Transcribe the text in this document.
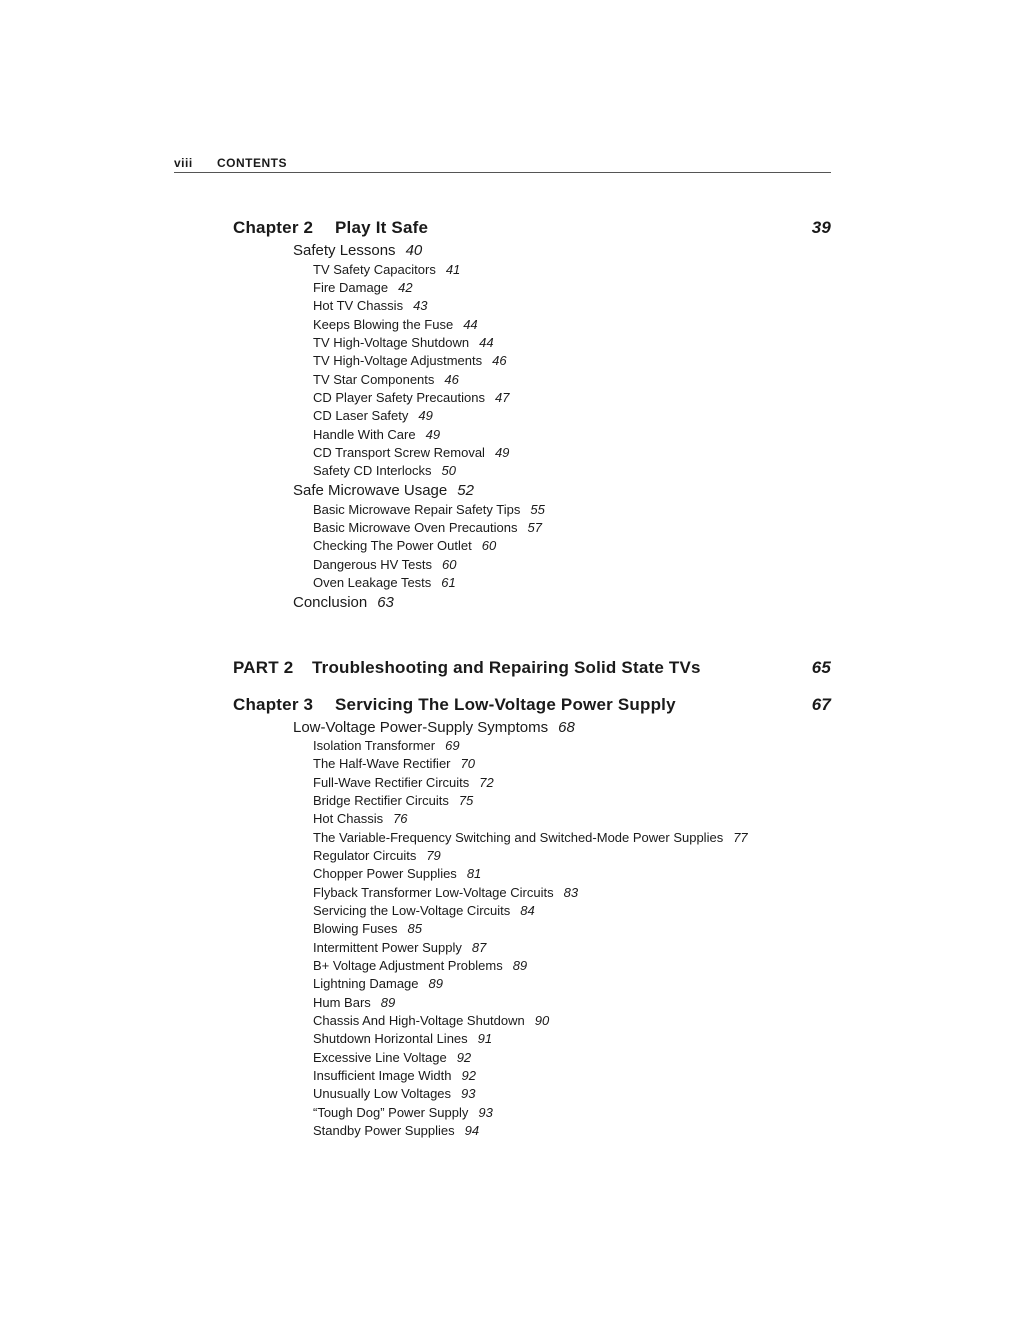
viii CONTENTS
Chapter 2 Play It Safe	39
Safety Lessons 40
TV Safety Capacitors 41
Fire Damage 42
Hot TV Chassis 43
Keeps Blowing the Fuse 44
TV High-Voltage Shutdown 44
TV High-Voltage Adjustments 46
TV Star Components 46
CD Player Safety Precautions 47
CD Laser Safety 49
Handle With Care 49
CD Transport Screw Removal 49
Safety CD Interlocks 50
Safe Microwave Usage 52
Basic Microwave Repair Safety Tips 55
Basic Microwave Oven Precautions 57
Checking The Power Outlet 60
Dangerous HV Tests 60
Oven Leakage Tests 61
Conclusion 63
PART 2 Troubleshooting and Repairing Solid State TVs	65
Chapter 3 Servicing The Low-Voltage Power Supply	67
Low-Voltage Power-Supply Symptoms 68
Isolation Transformer 69
The Half-Wave Rectifier 70
Full-Wave Rectifier Circuits 72
Bridge Rectifier Circuits 75
Hot Chassis 76
The Variable-Frequency Switching and Switched-Mode Power Supplies 77
Regulator Circuits 79
Chopper Power Supplies 81
Flyback Transformer Low-Voltage Circuits 83
Servicing the Low-Voltage Circuits 84
Blowing Fuses 85
Intermittent Power Supply 87
B+ Voltage Adjustment Problems 89
Lightning Damage 89
Hum Bars 89
Chassis And High-Voltage Shutdown 90
Shutdown Horizontal Lines 91
Excessive Line Voltage 92
Insufficient Image Width 92
Unusually Low Voltages 93
“Tough Dog” Power Supply 93
Standby Power Supplies 94
